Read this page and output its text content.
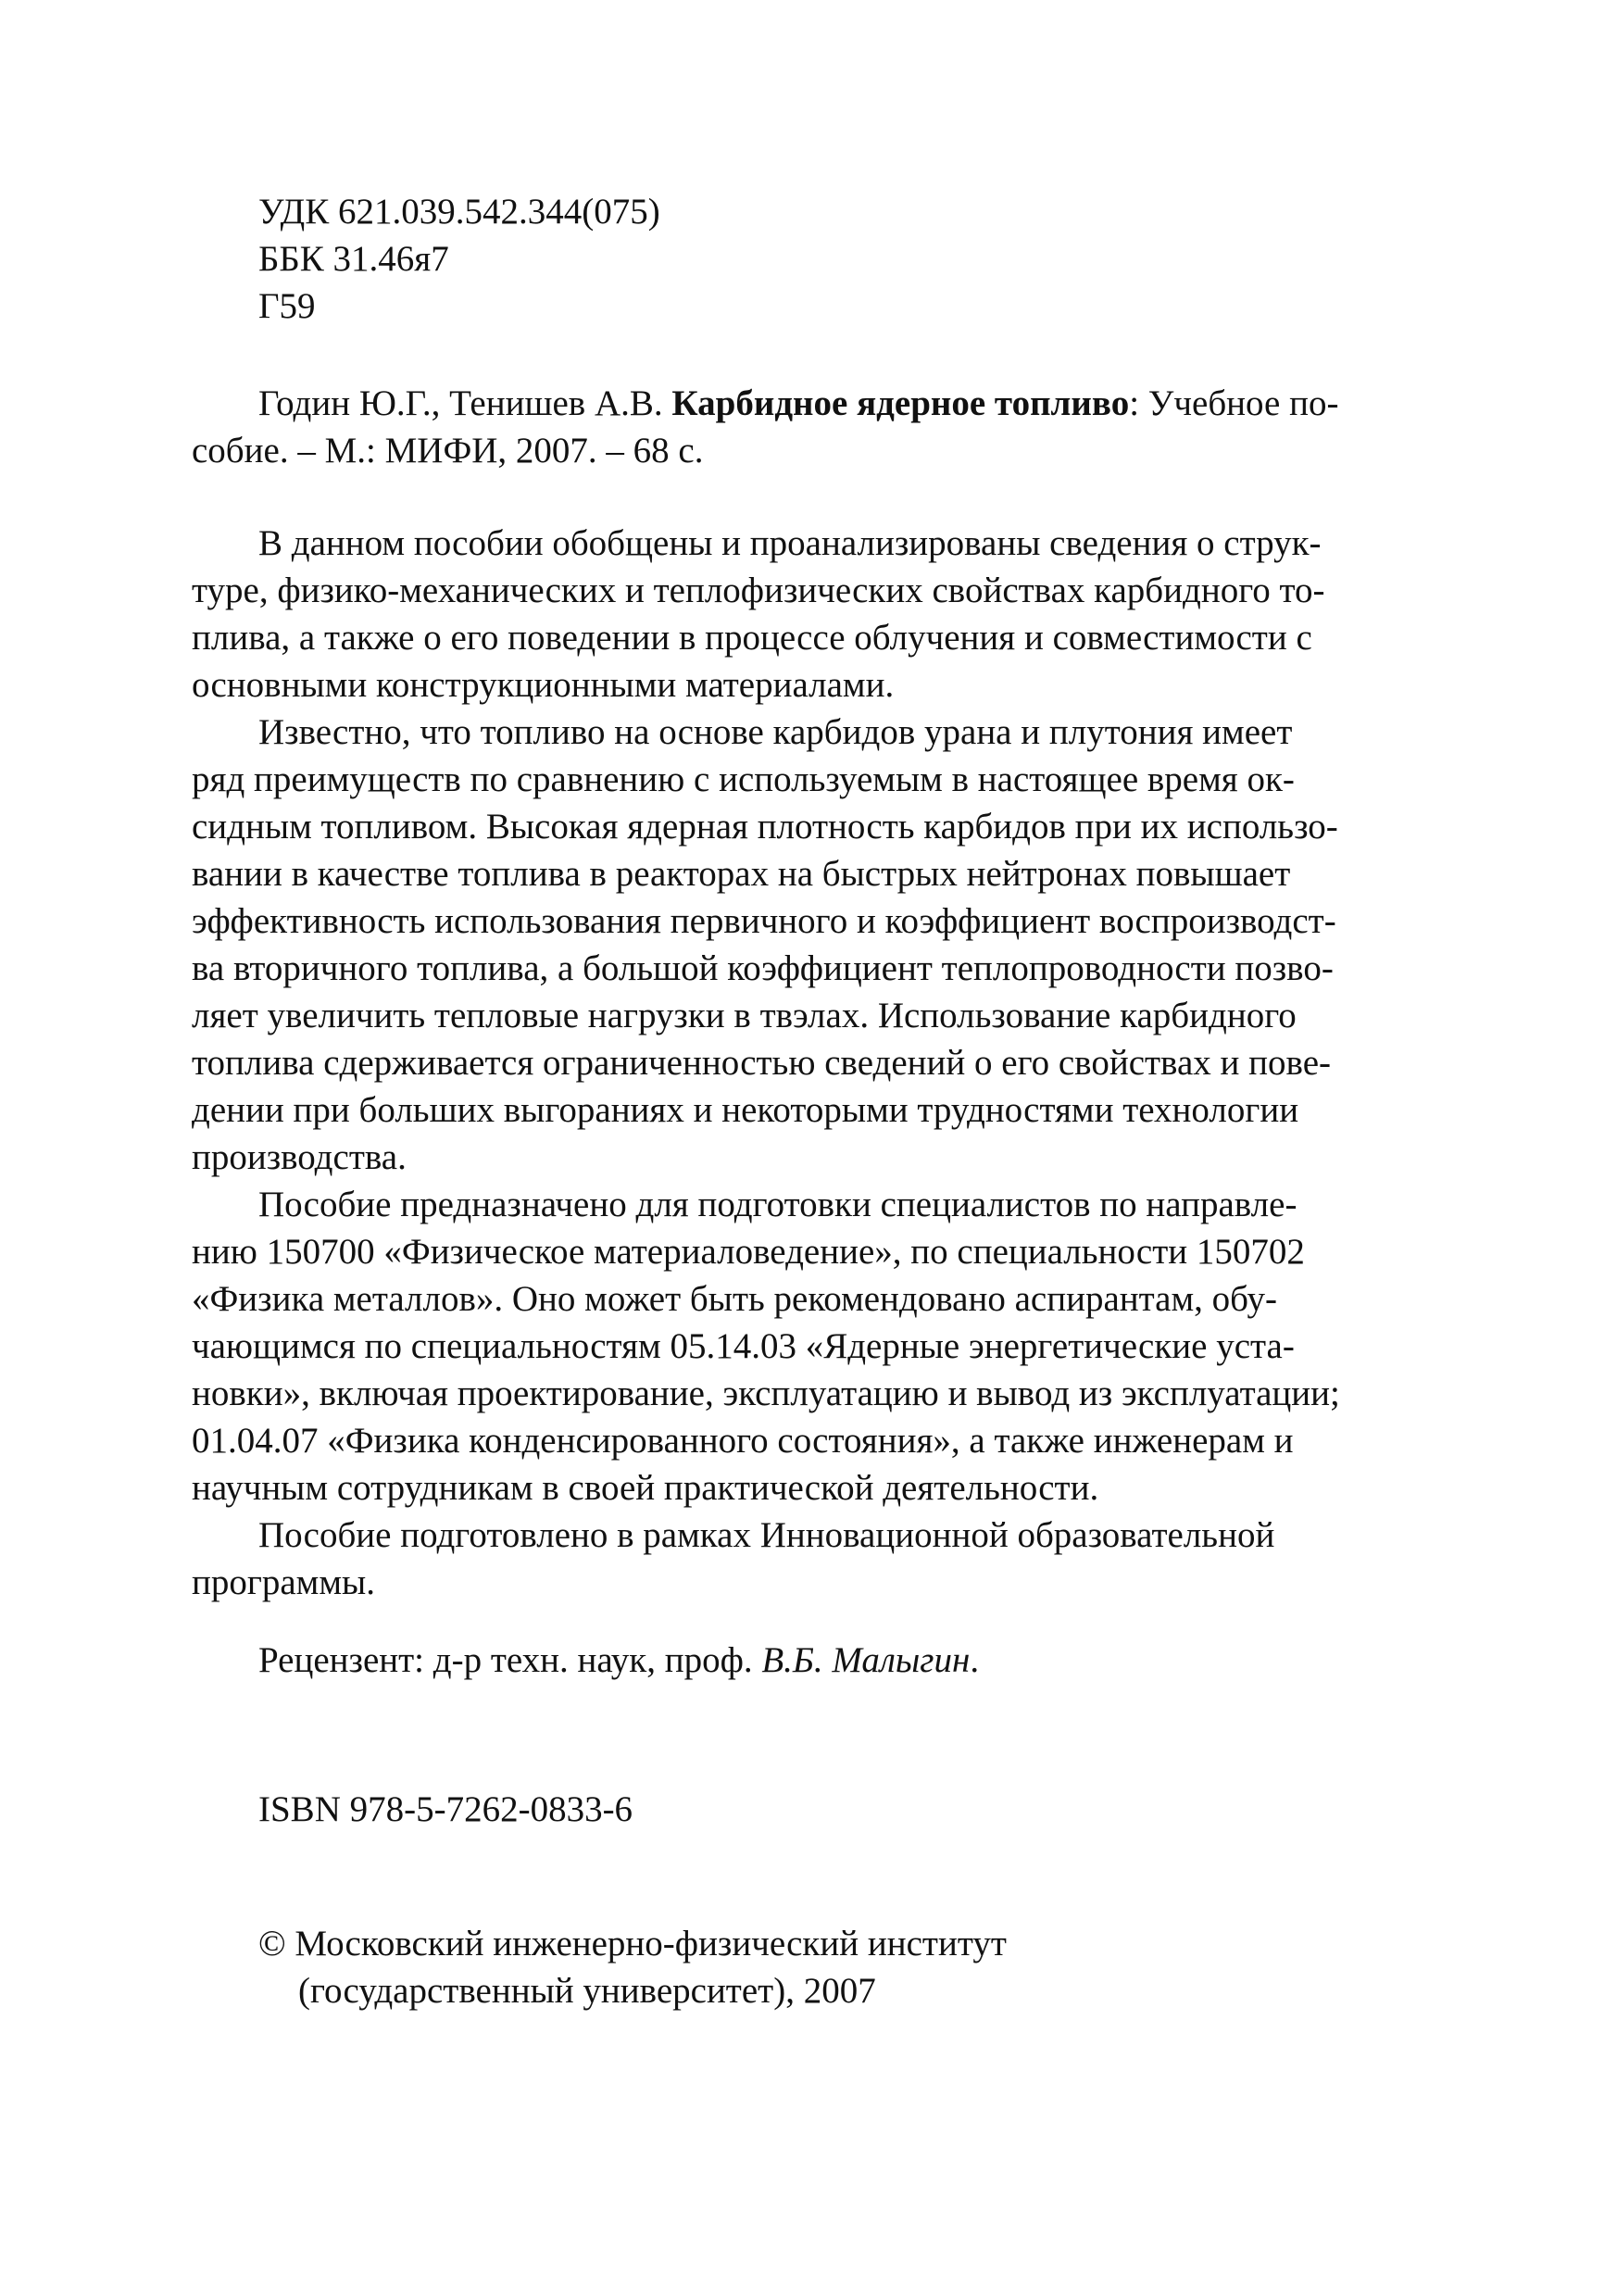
УДК 621.039.542.344(075)
ББК 31.46я7
Г59
Годин Ю.Г., Тенишев А.В. Карбидное ядерное топливо: Учебное по-
собие. – М.: МИФИ, 2007. – 68 с.
В данном пособии обобщены и проанализированы сведения о струк-
туре, физико-механических и теплофизических свойствах карбидного то-
плива, а также о его поведении в процессе облучения и совместимости с
основными конструкционными материалами.
Известно, что топливо на основе карбидов урана и плутония имеет
ряд преимуществ по сравнению с используемым в настоящее время ок-
сидным топливом. Высокая ядерная плотность карбидов при их использо-
вании в качестве топлива в реакторах на быстрых нейтронах повышает
эффективность использования первичного и коэффициент воспроизводст-
ва вторичного топлива, а большой коэффициент теплопроводности позво-
ляет увеличить тепловые нагрузки в твэлах. Использование карбидного
топлива сдерживается ограниченностью сведений о его свойствах и пове-
дении при больших выгораниях и некоторыми трудностями технологии
производства.
Пособие предназначено для подготовки специалистов по направле-
нию 150700 «Физическое материаловедение», по специальности 150702
«Физика металлов». Оно может быть рекомендовано аспирантам, обу-
чающимся по специальностям 05.14.03 «Ядерные энергетические уста-
новки», включая проектирование, эксплуатацию и вывод из эксплуатации;
01.04.07 «Физика конденсированного состояния», а также инженерам и
научным сотрудникам в своей практической деятельности.
Пособие подготовлено в рамках Инновационной образовательной
программы.
Рецензент: д-р техн. наук, проф. В.Б. Малыгин.
ISBN 978-5-7262-0833-6
© Московский инженерно-физический институт
(государственный университет), 2007
